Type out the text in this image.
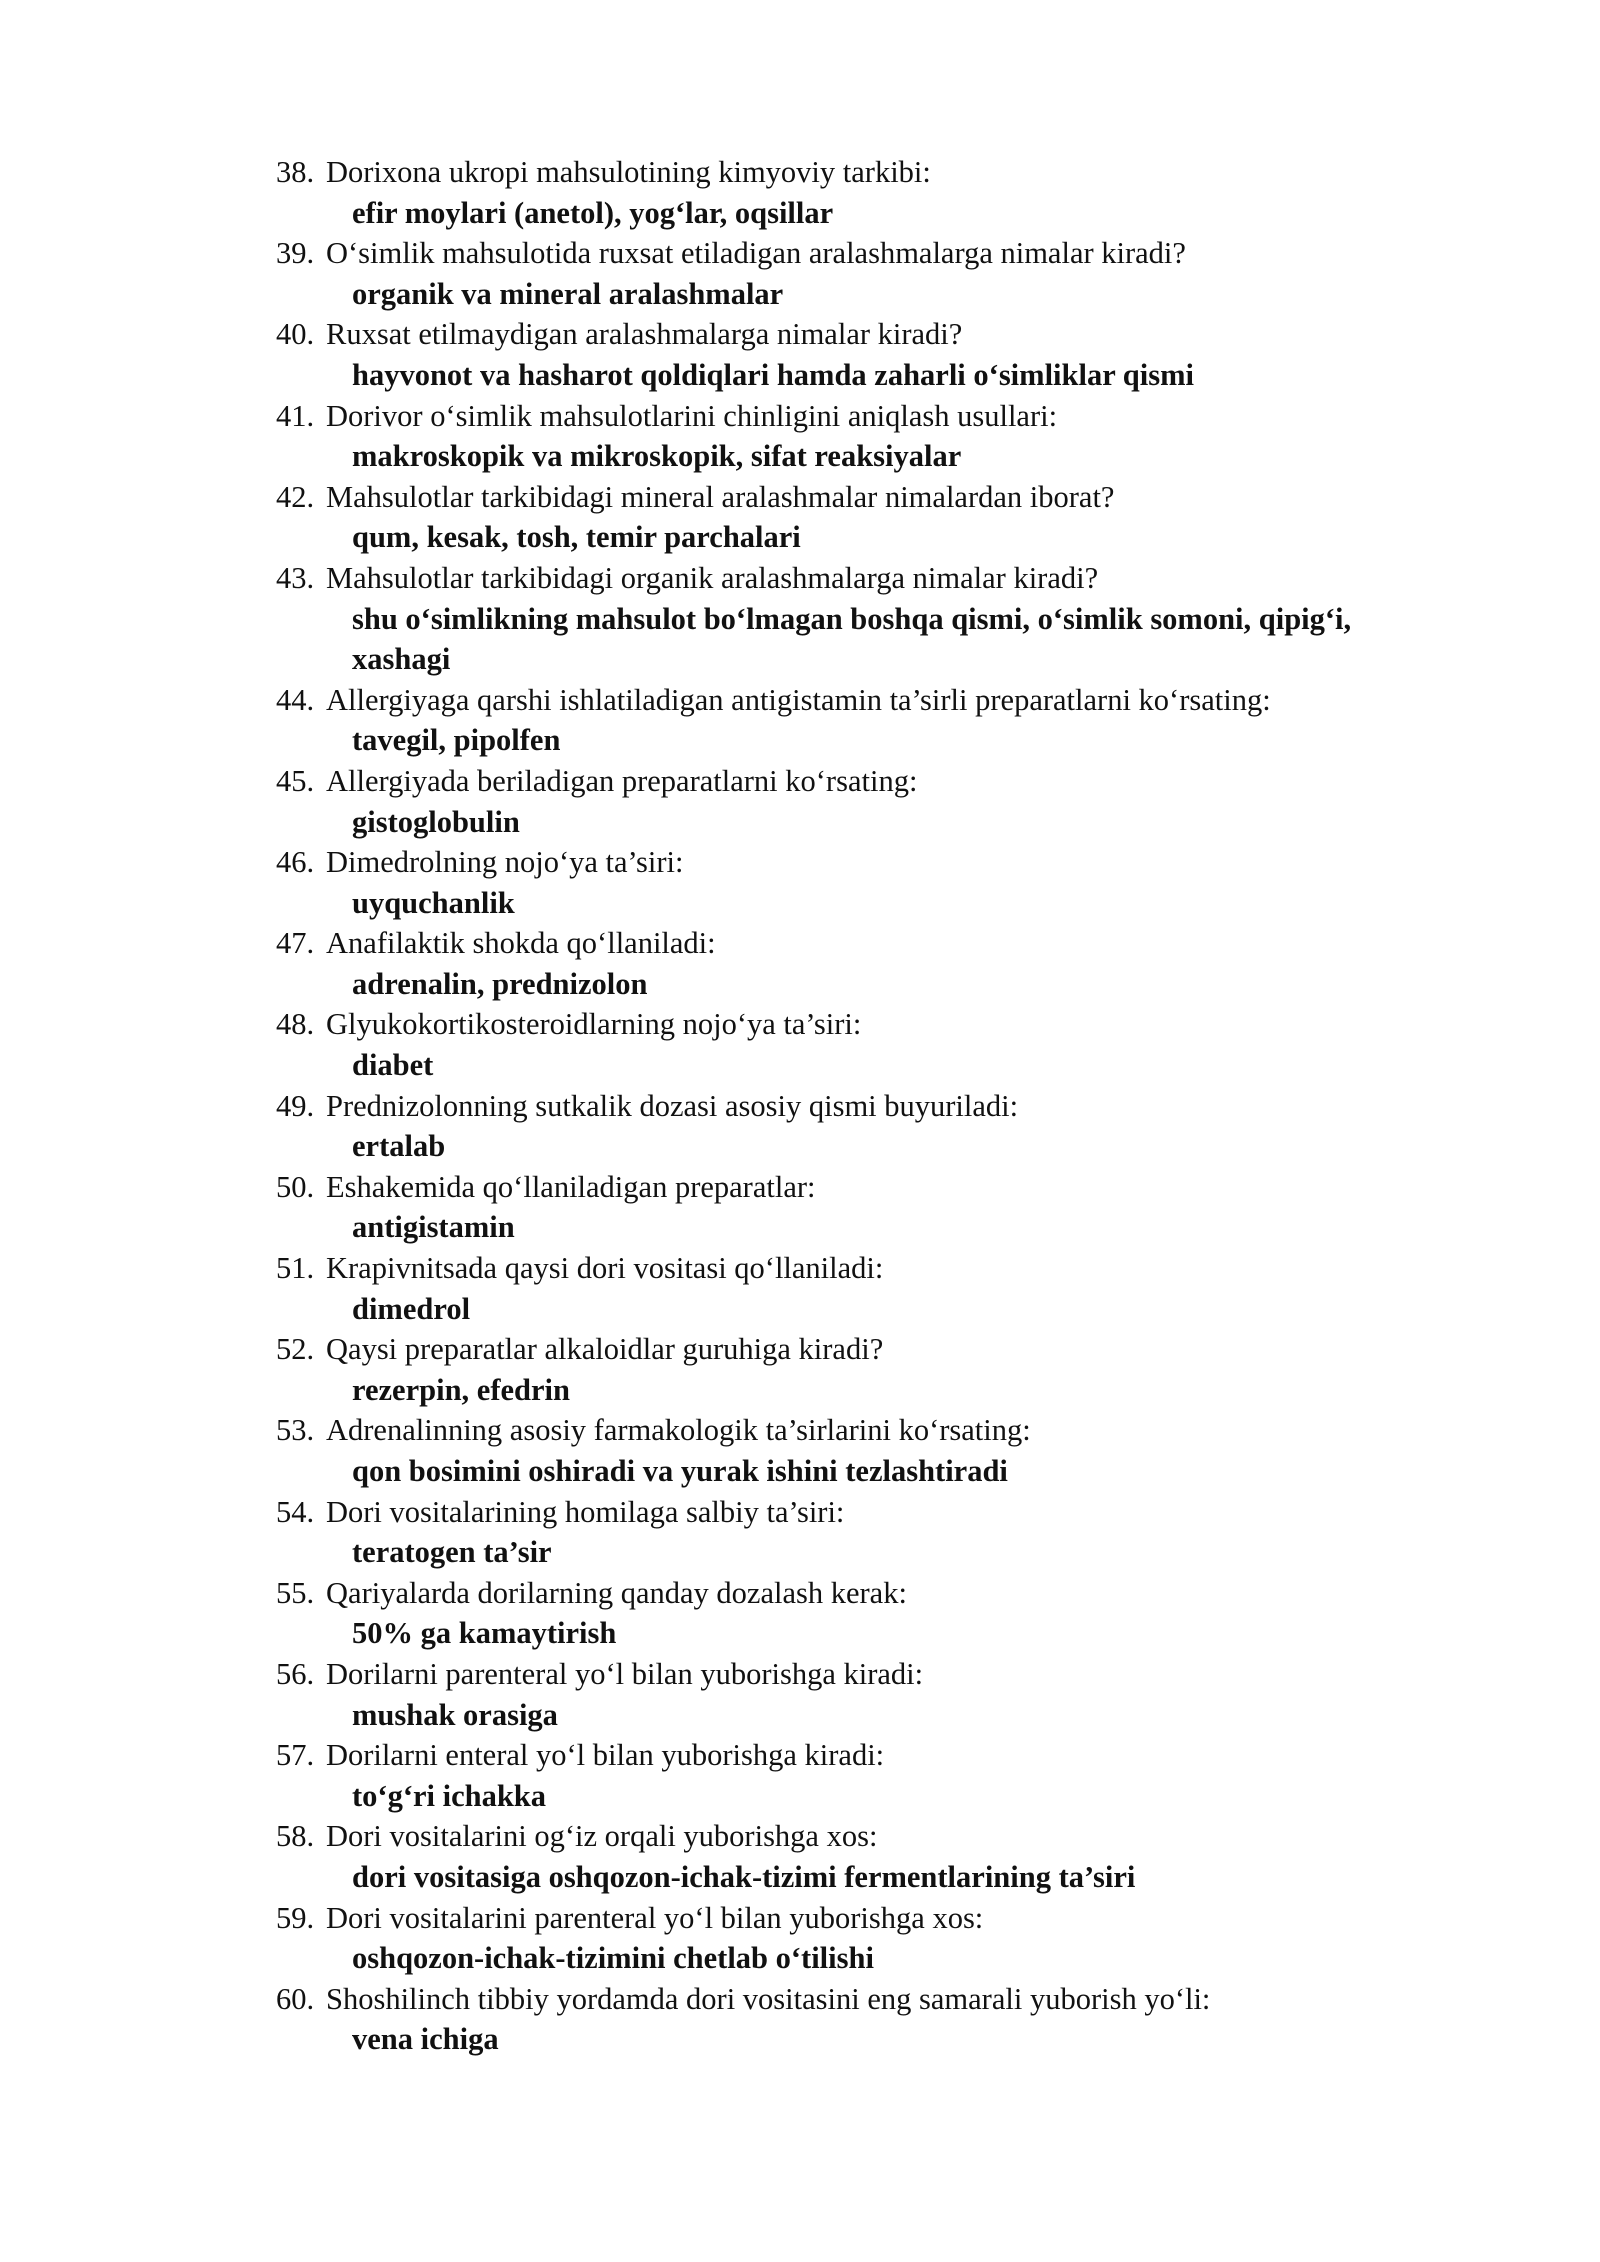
38. Dorixona ukropi mahsulotining kimyoviy tarkibi:
efir moylari (anetol), yog‘lar, oqsillar
39. O‘simlik mahsulotida ruxsat etiladigan aralashmalarga nimalar kiradi?
organik va mineral aralashmalar
40. Ruxsat etilmaydigan aralashmalarga nimalar kiradi?
hayvonot va hasharot qoldiqlari hamda zaharli o‘simliklar qismi
41. Dorivor o‘simlik mahsulotlarini chinligini aniqlash usullari:
makroskopik va mikroskopik, sifat reaksiyalar
42. Mahsulotlar tarkibidagi mineral aralashmalar nimalardan iborat?
qum, kesak, tosh, temir parchalari
43. Mahsulotlar tarkibidagi organik aralashmalarga nimalar kiradi?
shu o‘simlikning mahsulot bo‘lmagan boshqa qismi, o‘simlik somoni, qipig‘i, xashagi
44. Allergiyaga qarshi ishlatiladigan antigistamin ta’sirli preparatlarni ko‘rsating:
tavegil, pipolfen
45. Allergiyada beriladigan preparatlarni ko‘rsating:
gistoglobulin
46. Dimedrolning nojo‘ya ta’siri:
uyquchanlik
47. Anafilaktik shokda qo‘llaniladi:
adrenalin, prednizolon
48. Glyukokortikosteroidlarning nojo‘ya ta’siri:
diabet
49. Prednizolonning sutkalik dozasi asosiy qismi buyuriladi:
ertalab
50. Eshakemida qo‘llaniladigan preparatlar:
antigistamin
51. Krapivnitsada qaysi dori vositasi qo‘llaniladi:
dimedrol
52. Qaysi preparatlar alkaloidlar guruhiga kiradi?
rezerpin, efedrin
53. Adrenalinning asosiy farmakologik ta’sirlarini ko‘rsating:
qon bosimini oshiradi va yurak ishini tezlashtiradi
54. Dori vositalarining homilaga salbiy ta’siri:
teratogen ta’sir
55. Qariyalarda dorilarning qanday dozalash kerak:
50% ga kamaytirish
56. Dorilarni parenteral yo‘l bilan yuborishga kiradi:
mushak orasiga
57. Dorilarni enteral yo‘l bilan yuborishga kiradi:
to‘g‘ri ichakka
58. Dori vositalarini og‘iz orqali yuborishga xos:
dori vositasiga oshqozon-ichak-tizimi fermentlarining ta’siri
59. Dori vositalarini parenteral yo‘l bilan yuborishga xos:
oshqozon-ichak-tizimini chetlab o‘tilishi
60. Shoshilinch tibbiy yordamda dori vositasini eng samarali yuborish yo‘li:
vena ichiga
